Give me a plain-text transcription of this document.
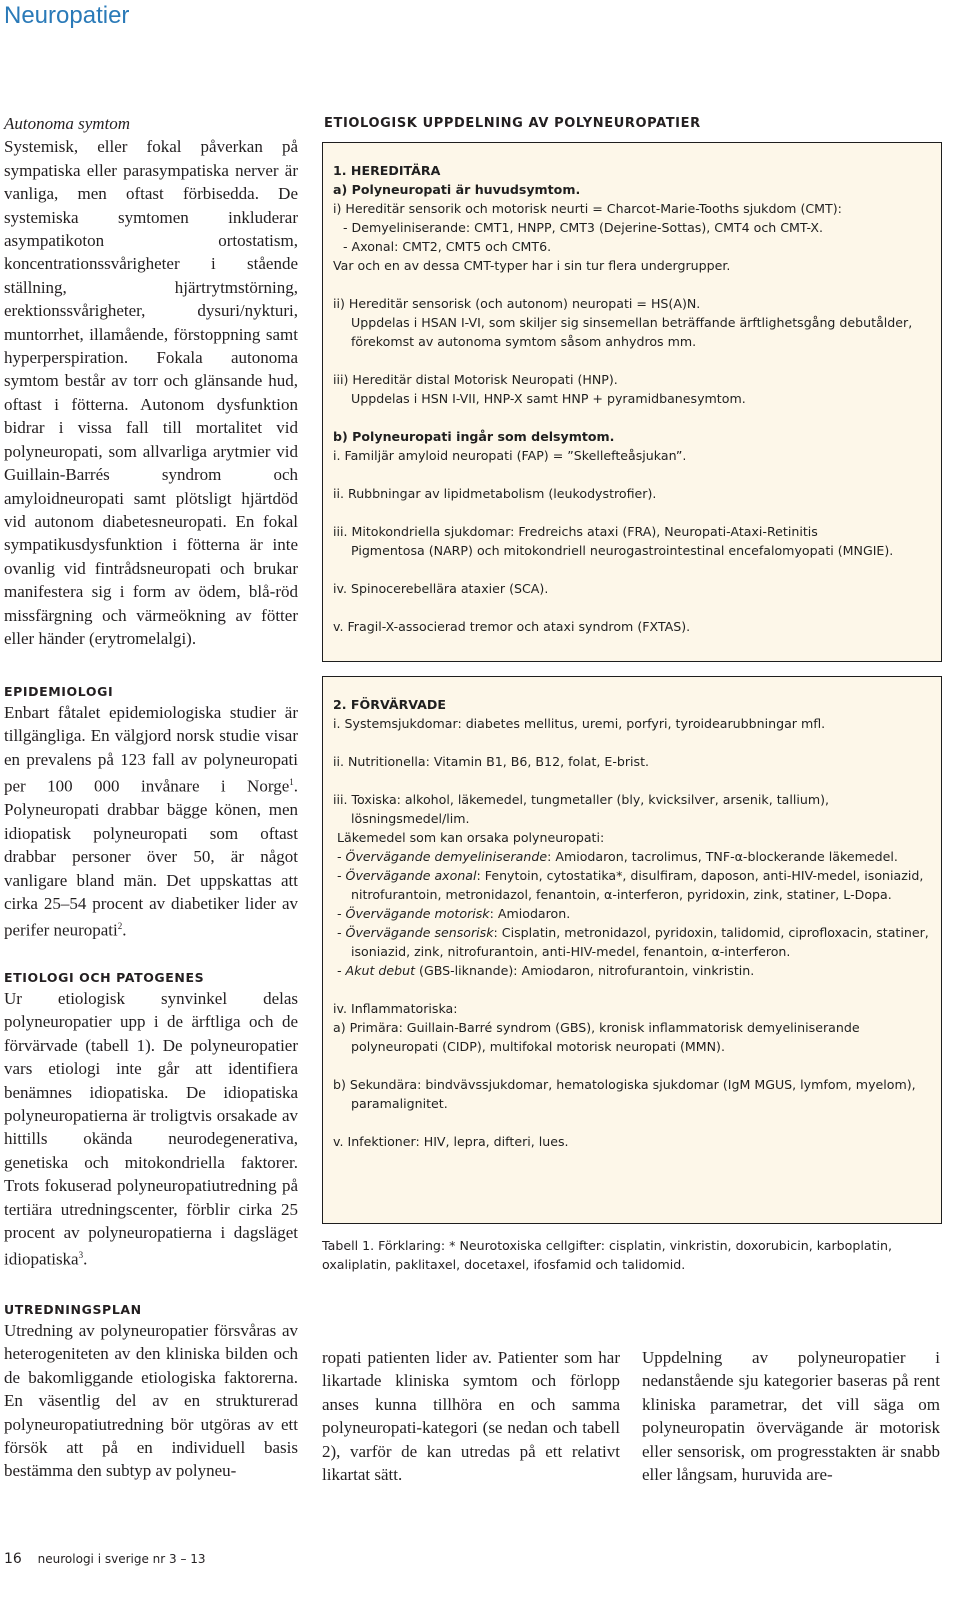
Neuropatier

Autonoma symtom

Systemisk, eller fokal påverkan på sympatiska eller parasympatiska nerver är vanliga, men oftast förbisedda. De systemiska symtomen inkluderar asympatikoton ortostatism, koncentrationssvårigheter i stående ställning, hjärtrytmstörning, erektionssvårigheter, dysuri/nykturi, muntorrhet, illamående, förstoppning samt hyperperspiration. Fokala autonoma symtom består av torr och glänsande hud, oftast i fötterna. Autonom dysfunktion bidrar i vissa fall till mortalitet vid polyneuropati, som allvarliga arytmier vid Guillain-Barrés syndrom och amyloidneuropati samt plötsligt hjärtdöd vid autonom diabetesneuropati. En fokal sympatikusdysfunktion i fötterna är inte ovanlig vid fintrådsneuropati och brukar manifestera sig i form av ödem, blå-röd missfärgning och värmeökning av fötter eller händer (erytromelalgi).

EPIDEMIOLOGI
Enbart fåtalet epidemiologiska studier är tillgängliga. En välgjord norsk studie visar en prevalens på 123 fall av polyneuropati per 100 000 invånare i Norge$^1$. Polyneuropati drabbar bägge könen, men idiopatisk polyneuropati som oftast drabbar personer över 50, är något vanligare bland män. Det uppskattas att cirka 25–54 procent av diabetiker lider av perifer neuropati$^2$.
ETIOLOGI OCH PATOGENES
Ur etiologisk synvinkel delas polyneuropatier upp i de ärftliga och de förvärvade (tabell 1). De polyneuropatier vars etiologi inte går att identifiera benämnes idiopatiska. De idiopatiska polyneuropatierna är troligtvis orsakade av hittills okända neurodegenerativa, genetiska och mitokondriella faktorer. Trots fokuserad polyneuropatiutredning på tertiära utredningscenter, förblir cirka 25 procent av polyneuropatierna i dagsläget idiopatiska$^3$.
UTREDNINGSPLAN
Utredning av polyneuropatier försvåras av heterogeniteten av den kliniska bilden och de bakomliggande etiologiska faktorerna. En väsentlig del av en strukturerad polyneuropatiutredning bör utgöras av ett försök att på en individuell basis bestämma den subtyp av polyneu-
ETIOLOGISK UPPDELNING AV POLYNEUROPATIER

1. HEREDITÄRA

a) Polyneuropati är huvudsymtom.

i) Hereditär sensorik och motorisk neurti = Charcot-Marie-Tooths sjukdom (CMT):

- Demyeliniserande: CMT1, HNPP, CMT3 (Dejerine-Sottas), CMT4 och CMT-X.

- Axonal: CMT2, CMT5 och CMT6.

Var och en av dessa CMT-typer har i sin tur flera undergrupper.

ii) Hereditär sensorisk (och autonom) neuropati = HS(A)N.

Uppdelas i HSAN I-VI, som skiljer sig sinsemellan beträffande ärftlighetsgång debutålder, förekomst av autonoma symtom såsom anhydros mm.

iii) Hereditär distal Motorisk Neuropati (HNP).

Uppdelas i HSN I-VII, HNP-X samt HNP + pyramidbanesymtom.

b) Polyneuropati ingår som delsymtom.

i. Familjär amyloid neuropati (FAP) = ”Skellefteåsjukan”.

ii. Rubbningar av lipidmetabolism (leukodystrofier).

iii. Mitokondriella sjukdomar: Fredreichs ataxi (FRA), Neuropati-Ataxi-Retinitis

Pigmentosa (NARP) och mitokondriell neurogastrointestinal encefalomyopati (MNGIE).

iv. Spinocerebellära ataxier (SCA).

v. Fragil-X-associerad tremor och ataxi syndrom (FXTAS).

2. FÖRVÄRVADE

i. Systemsjukdomar: diabetes mellitus, uremi, porfyri, tyroidearubbningar mfl.

ii. Nutritionella: Vitamin B1, B6, B12, folat, E-brist.

iii. Toxiska: alkohol, läkemedel, tungmetaller (bly, kvicksilver, arsenik, tallium), lösningsmedel/lim.

Läkemedel som kan orsaka polyneuropati:

- Övervägande demyeliniserande: Amiodaron, tacrolimus, TNF-α-blockerande läkemedel.

- Övervägande axonal: Fenytoin, cytostatika*, disulfiram, daposon, anti-HIV-medel, isoniazid, nitrofurantoin, metronidazol, fenantoin, α-interferon, pyridoxin, zink, statiner, L-Dopa.

- Övervägande motorisk: Amiodaron.

- Övervägande sensorisk: Cisplatin, metronidazol, pyridoxin, talidomid, ciprofloxacin, statiner, isoniazid, zink, nitrofurantoin, anti-HIV-medel, fenantoin, α-interferon.

- Akut debut (GBS-liknande): Amiodaron, nitrofurantoin, vinkristin.

iv. Inflammatoriska:

a) Primära: Guillain-Barré syndrom (GBS), kronisk inflammatorisk demyeliniserande polyneuropati (CIDP), multifokal motorisk neuropati (MMN).

b) Sekundära: bindvävssjukdomar, hematologiska sjukdomar (IgM MGUS, lymfom, myelom), paramalignitet.

v. Infektioner: HIV, lepra, difteri, lues.

Tabell 1. Förklaring: * Neurotoxiska cellgifter: cisplatin, vinkristin, doxorubicin, karboplatin, oxaliplatin, paklitaxel, docetaxel, ifosfamid och talidomid.
ropati patienten lider av. Patienter som har likartade kliniska symtom och förlopp anses kunna tillhöra en och samma polyneuropati-kategori (se nedan och tabell 2), varför de kan utredas på ett relativt likartat sätt.
Uppdelning av polyneuropatier i nedanstående sju kategorier baseras på rent kliniska parametrar, det vill säga om polyneuropatin övervägande är motorisk eller sensorisk, om progresstakten är snabb eller långsam, huruvida are-
16 neurologi i sverige nr 3 – 13
